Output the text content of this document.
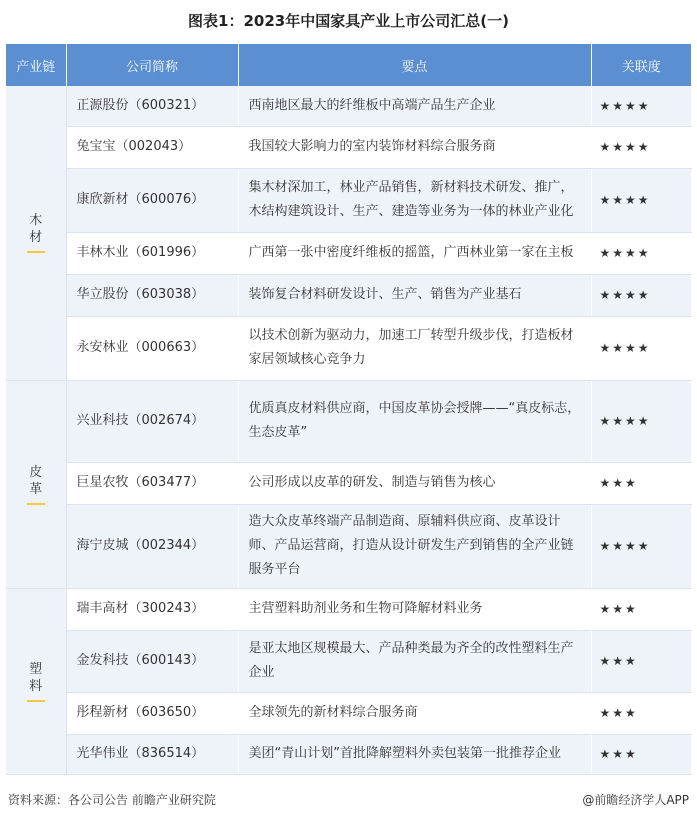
图表1：2023年中国家具产业上市公司汇总(一)
产业链	公司简称	要点	关联度
木材	正源股份（600321）	西南地区最大的纤维板中高端产品生产企业	★★★★
	兔宝宝（002043）	我国较大影响力的室内装饰材料综合服务商	★★★★
	康欣新材（600076）	集木材深加工，林业产品销售，新材料技术研发、推广，木结构建筑设计、生产、建造等业务为一体的林业产业化	★★★★
	丰林木业（601996）	广西第一张中密度纤维板的摇篮，广西林业第一家在主板	★★★★
	华立股份（603038）	装饰复合材料研发设计、生产、销售为产业基石	★★★★
	永安林业（000663）	以技术创新为驱动力，加速工厂转型升级步伐，打造板材家居领域核心竞争力	★★★★
皮革	兴业科技（002674）	优质真皮材料供应商，中国皮革协会授牌——“真皮标志，生态皮革”	★★★★
	巨星农牧（603477）	公司形成以皮革的研发、制造与销售为核心	★★★
	海宁皮城（002344）	造大众皮革终端产品制造商、原辅料供应商、皮革设计师、产品运营商，打造从设计研发生产到销售的全产业链服务平台	★★★★
塑料	瑞丰高材（300243）	主营塑料助剂业务和生物可降解材料业务	★★★
	金发科技（600143）	是亚太地区规模最大、产品种类最为齐全的改性塑料生产企业	★★★
	彤程新材（603650）	全球领先的新材料综合服务商	★★★
	光华伟业（836514）	美团“青山计划”首批降解塑料外卖包装第一批推荐企业	★★★
资料来源：各公司公告 前瞻产业研究院	@前瞻经济学人APP
